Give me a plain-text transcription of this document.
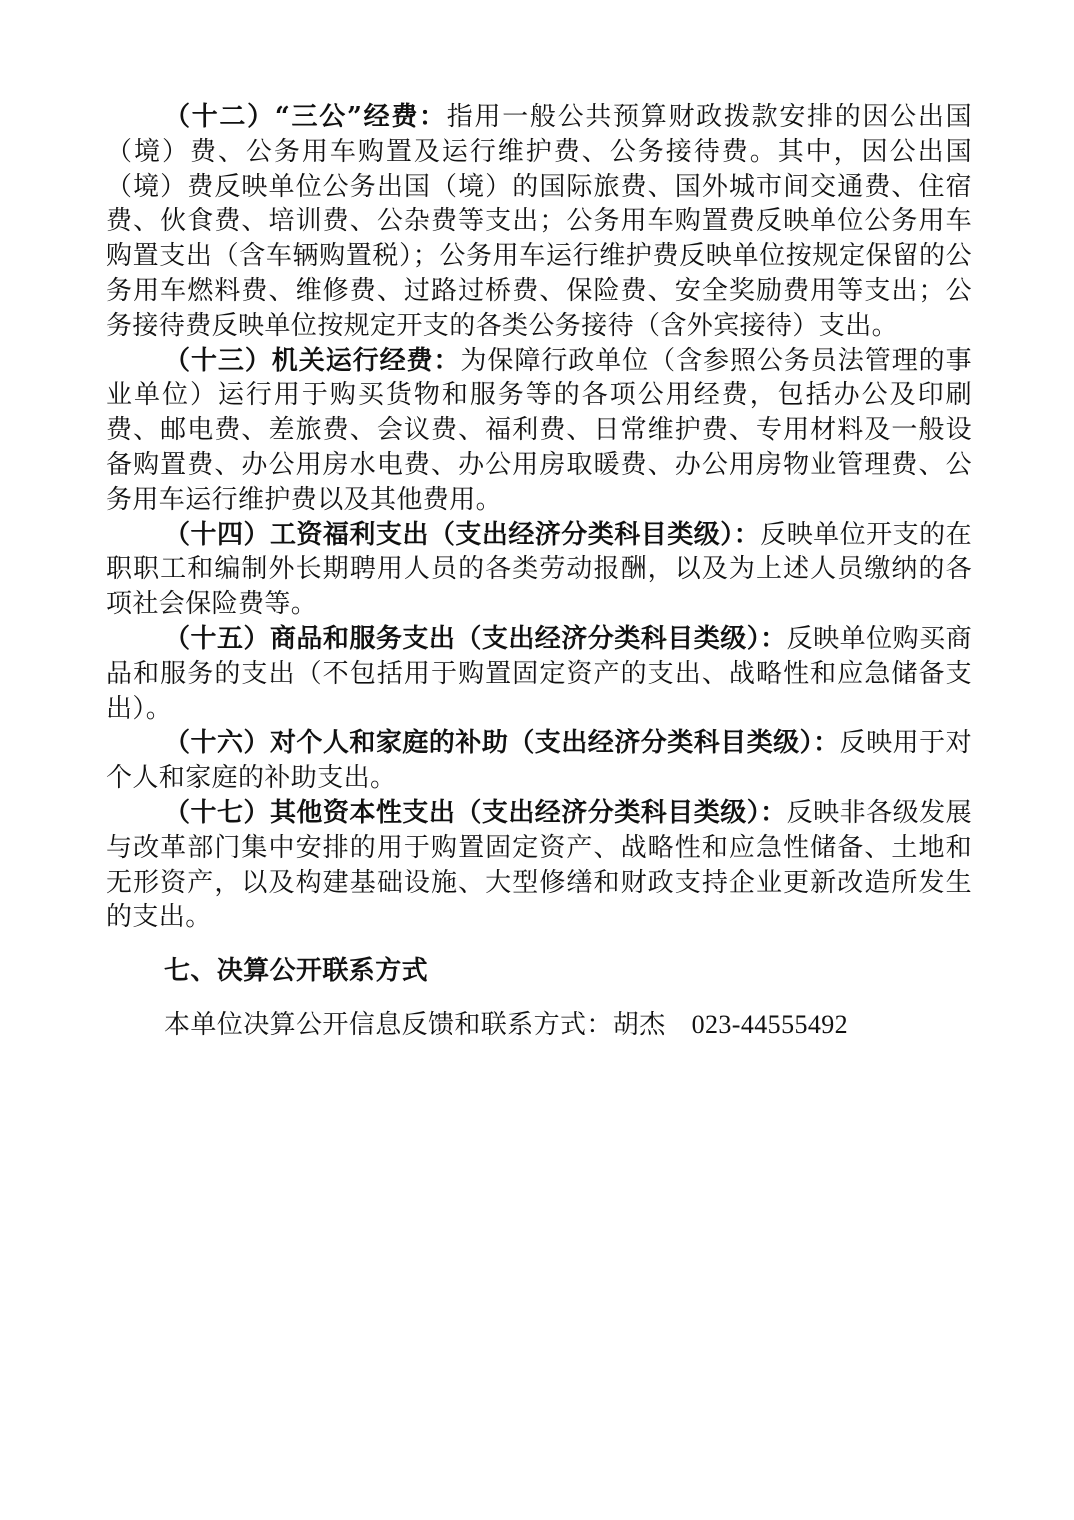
（十二）“三公”经费：指用一般公共预算财政拨款安排的因公出国（境）费、公务用车购置及运行维护费、公务接待费。其中，因公出国（境）费反映单位公务出国（境）的国际旅费、国外城市间交通费、住宿费、伙食费、培训费、公杂费等支出；公务用车购置费反映单位公务用车购置支出（含车辆购置税）；公务用车运行维护费反映单位按规定保留的公务用车燃料费、维修费、过路过桥费、保险费、安全奖励费用等支出；公务接待费反映单位按规定开支的各类公务接待（含外宾接待）支出。

（十三）机关运行经费：为保障行政单位（含参照公务员法管理的事业单位）运行用于购买货物和服务等的各项公用经费，包括办公及印刷费、邮电费、差旅费、会议费、福利费、日常维护费、专用材料及一般设备购置费、办公用房水电费、办公用房取暖费、办公用房物业管理费、公务用车运行维护费以及其他费用。

（十四）工资福利支出（支出经济分类科目类级）：反映单位开支的在职职工和编制外长期聘用人员的各类劳动报酬，以及为上述人员缴纳的各项社会保险费等。

（十五）商品和服务支出（支出经济分类科目类级）：反映单位购买商品和服务的支出（不包括用于购置固定资产的支出、战略性和应急储备支出）。

（十六）对个人和家庭的补助（支出经济分类科目类级）：反映用于对个人和家庭的补助支出。

（十七）其他资本性支出（支出经济分类科目类级）：反映非各级发展与改革部门集中安排的用于购置固定资产、战略性和应急性储备、土地和无形资产，以及构建基础设施、大型修缮和财政支持企业更新改造所发生的支出。

七、决算公开联系方式

本单位决算公开信息反馈和联系方式：胡杰 023-44555492
